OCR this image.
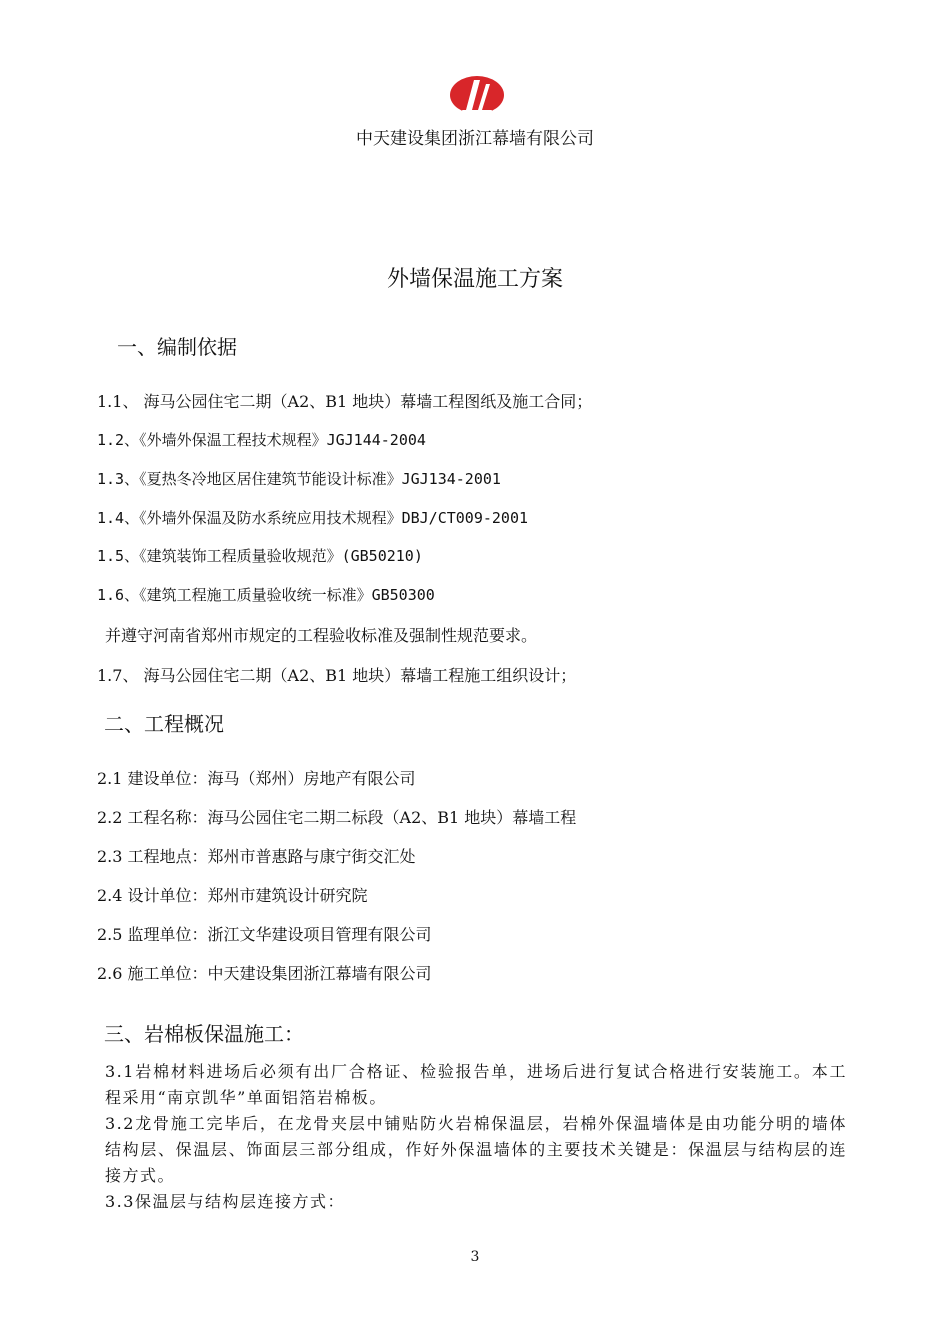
中天建设集团浙江幕墙有限公司
外墙保温施工方案
一、编制依据
1.1、 海马公园住宅二期（A2、B1 地块）幕墙工程图纸及施工合同；
1.2、《外墙外保温工程技术规程》JGJ144-2004
1.3、《夏热冬冷地区居住建筑节能设计标准》JGJ134-2001
1.4、《外墙外保温及防水系统应用技术规程》DBJ/CT009-2001
1.5、《建筑装饰工程质量验收规范》(GB50210)
1.6、《建筑工程施工质量验收统一标准》GB50300
并遵守河南省郑州市规定的工程验收标准及强制性规范要求。
1.7、 海马公园住宅二期（A2、B1 地块）幕墙工程施工组织设计；
二、工程概况
2.1 建设单位：海马（郑州）房地产有限公司
2.2 工程名称：海马公园住宅二期二标段（A2、B1 地块）幕墙工程
2.3 工程地点：郑州市普惠路与康宁街交汇处
2.4 设计单位：郑州市建筑设计研究院
2.5 监理单位：浙江文华建设项目管理有限公司
2.6 施工单位：中天建设集团浙江幕墙有限公司
三、岩棉板保温施工：
3.1岩棉材料进场后必须有出厂合格证、检验报告单，进场后进行复试合格进行安装施工。本工程采用“南京凯华”单面铝箔岩棉板。
3.2龙骨施工完毕后，在龙骨夹层中铺贴防火岩棉保温层，岩棉外保温墙体是由功能分明的墙体结构层、保温层、饰面层三部分组成，作好外保温墙体的主要技术关键是：保温层与结构层的连接方式。
3.3保温层与结构层连接方式：
3
